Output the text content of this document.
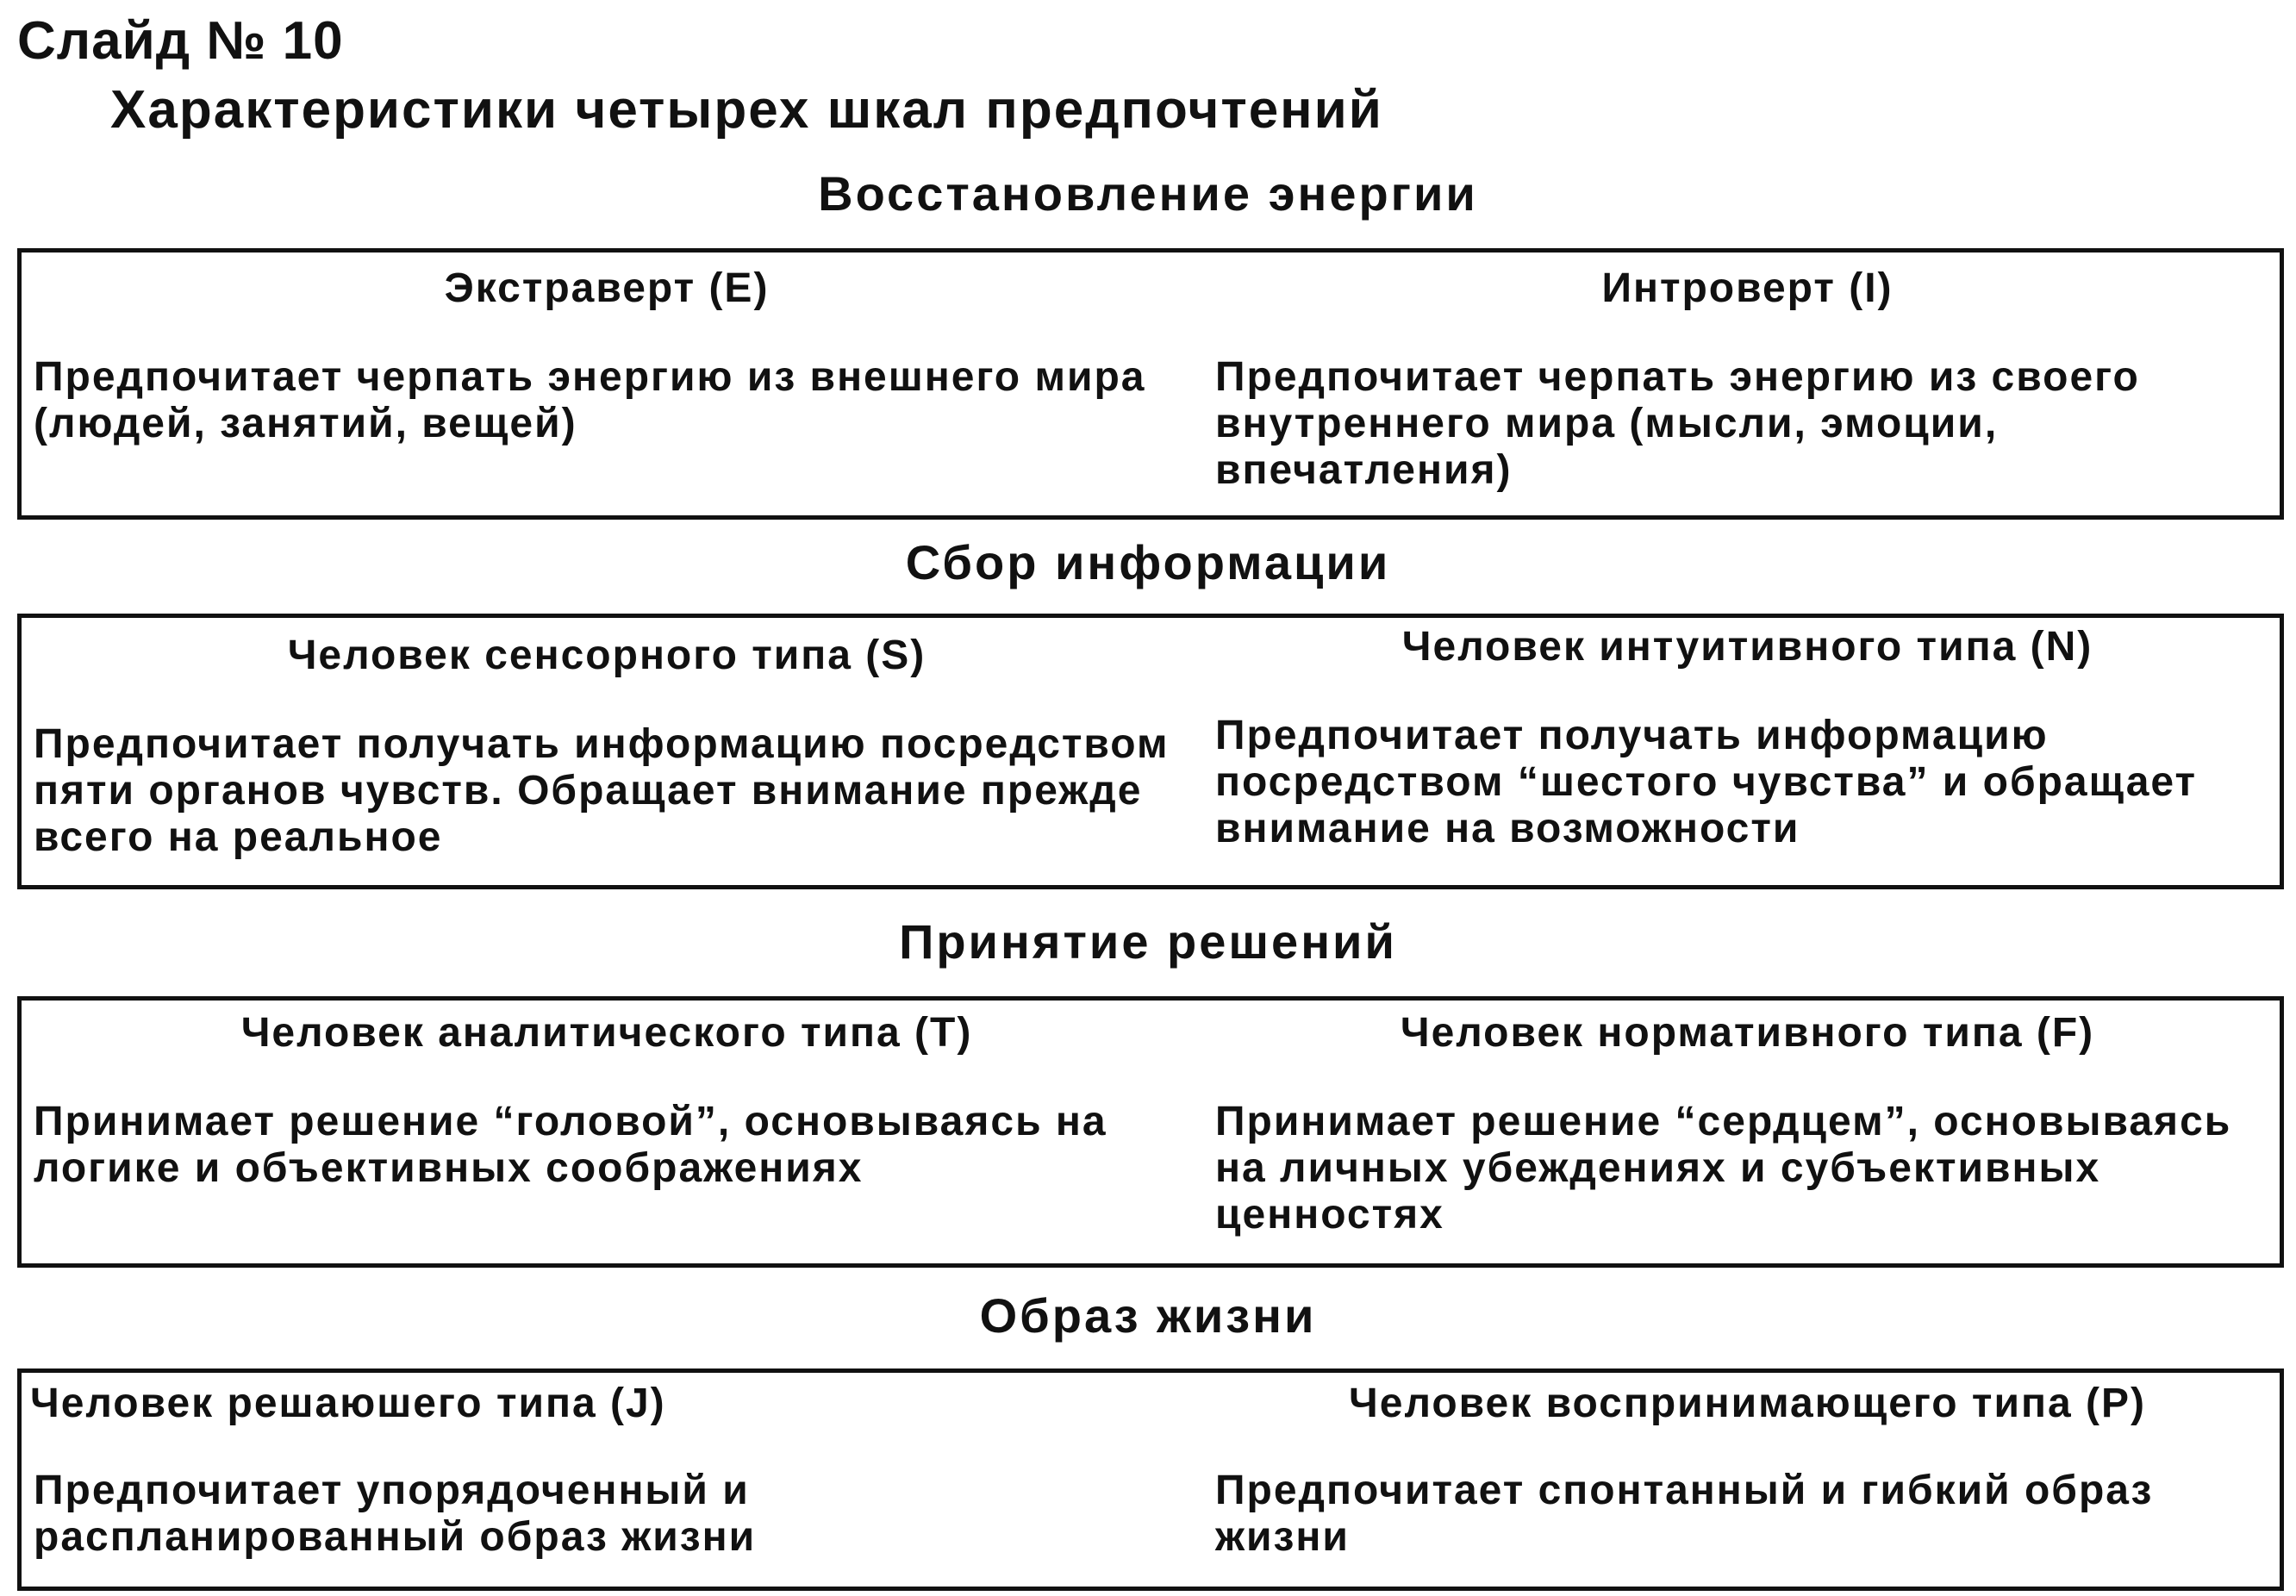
Слайд № 10
Характеристики четырех шкал предпочтений
Восстановление энергии
Экстраверт (Е)
Предпочитает черпать энергию из внешнего мира (людей, занятий, вещей)
Интроверт (I)
Предпочитает черпать энергию из своего внутреннего мира (мысли, эмоции, впечатления)
Сбор информации
Человек сенсорного типа (S)
Предпочитает получать информацию посредством пяти органов чувств. Обращает внимание прежде всего на реальное
Человек интуитивного типа (N)
Предпочитает получать информацию посредством “шестого чувства” и обращает внимание на возможности
Принятие решений
Человек аналитического типа (Т)
Принимает решение “головой”, основываясь на логике и объективных соображениях
Человек нормативного типа (F)
Принимает решение “сердцем”, основываясь на личных убеждениях и субъективных ценностях
Образ жизни
Человек решаюшего типа (J)
Предпочитает упорядоченный и распланированный образ жизни
Человек воспринимающего типа (Р)
Предпочитает спонтанный и гибкий образ жизни
